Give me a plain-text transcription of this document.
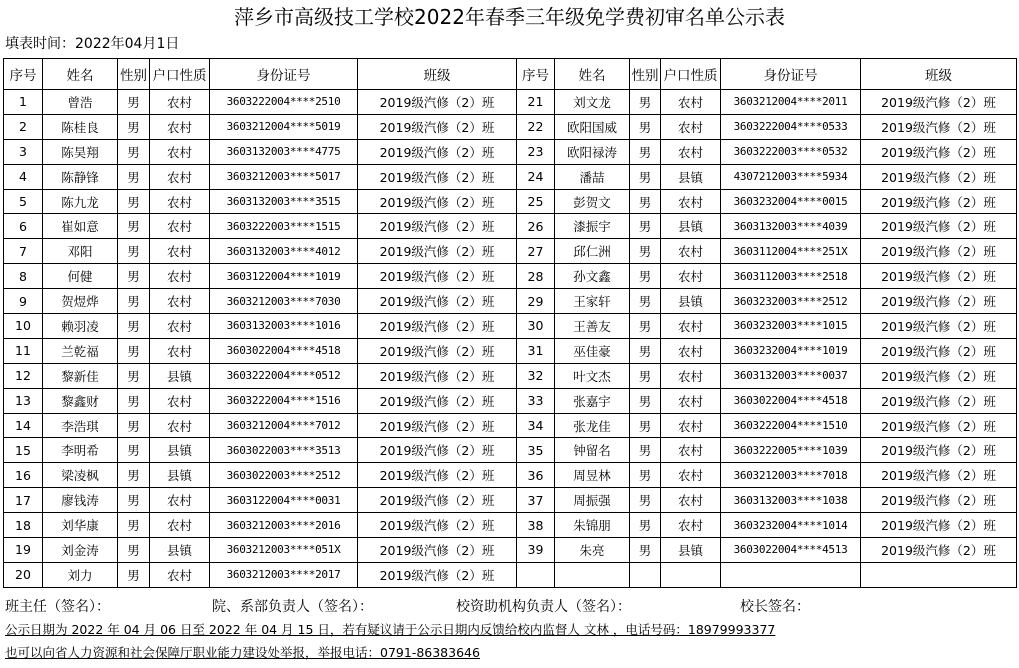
萍乡市高级技工学校2022年春季三年级免学费初审名单公示表
填表时间：2022年04月1日
序号	姓名	性别	户口性质	身份证号	班级	序号	姓名	性别	户口性质	身份证号	班级
1	曾浩	男	农村	3603222004****2510	2019级汽修（2）班	21	刘文龙	男	农村	3603212004****2011	2019级汽修（2）班
2	陈桂良	男	农村	3603212004****5019	2019级汽修（2）班	22	欧阳国威	男	农村	3603222004****0533	2019级汽修（2）班
3	陈昊翔	男	农村	3603132003****4775	2019级汽修（2）班	23	欧阳禄涛	男	农村	3603222003****0532	2019级汽修（2）班
4	陈静锋	男	农村	3603212003****5017	2019级汽修（2）班	24	潘喆	男	县镇	4307212003****5934	2019级汽修（2）班
5	陈九龙	男	农村	3603132003****3515	2019级汽修（2）班	25	彭贺文	男	农村	3603232004****0015	2019级汽修（2）班
6	崔如意	男	农村	3603222003****1515	2019级汽修（2）班	26	漆振宇	男	县镇	3603132003****4039	2019级汽修（2）班
7	邓阳	男	农村	3603132003****4012	2019级汽修（2）班	27	邱仁洲	男	农村	3603112004****251X	2019级汽修（2）班
8	何健	男	农村	3603122004****1019	2019级汽修（2）班	28	孙文鑫	男	农村	3603112003****2518	2019级汽修（2）班
9	贺煜烨	男	农村	3603212003****7030	2019级汽修（2）班	29	王家轩	男	县镇	3603232003****2512	2019级汽修（2）班
10	赖羽凌	男	农村	3603132003****1016	2019级汽修（2）班	30	王善友	男	农村	3603232003****1015	2019级汽修（2）班
11	兰乾福	男	农村	3603022004****4518	2019级汽修（2）班	31	巫佳豪	男	农村	3603232004****1019	2019级汽修（2）班
12	黎新佳	男	县镇	3603222004****0512	2019级汽修（2）班	32	叶文杰	男	农村	3603132003****0037	2019级汽修（2）班
13	黎鑫财	男	农村	3603222004****1516	2019级汽修（2）班	33	张嘉宇	男	农村	3603022004****4518	2019级汽修（2）班
14	李浩琪	男	农村	3603212004****7012	2019级汽修（2）班	34	张龙佳	男	农村	3603222004****1510	2019级汽修（2）班
15	李明希	男	县镇	3603022003****3513	2019级汽修（2）班	35	钟留名	男	农村	3603222005****1039	2019级汽修（2）班
16	梁凌枫	男	县镇	3603022003****2512	2019级汽修（2）班	36	周昱林	男	农村	3603212003****7018	2019级汽修（2）班
17	廖钱涛	男	农村	3603122004****0031	2019级汽修（2）班	37	周振强	男	农村	3603132003****1038	2019级汽修（2）班
18	刘华康	男	农村	3603212003****2016	2019级汽修（2）班	38	朱锦朋	男	农村	3603232004****1014	2019级汽修（2）班
19	刘金涛	男	县镇	3603212003****051X	2019级汽修（2）班	39	朱亮	男	县镇	3603022004****4513	2019级汽修（2）班
20	刘力	男	农村	3603212003****2017	2019级汽修（2）班						
班主任（签名）：	院、系部负责人（签名）：	校资助机构负责人（签名）：	校长签名：
公示日期为 2022 年 04 月 06 日至 2022 年 04 月 15 日，若有疑议请于公示日期内反馈给校内监督人 文林 ，电话号码：18979993377
也可以向省人力资源和社会保障厅职业能力建设处举报，举报电话：0791-86383646
